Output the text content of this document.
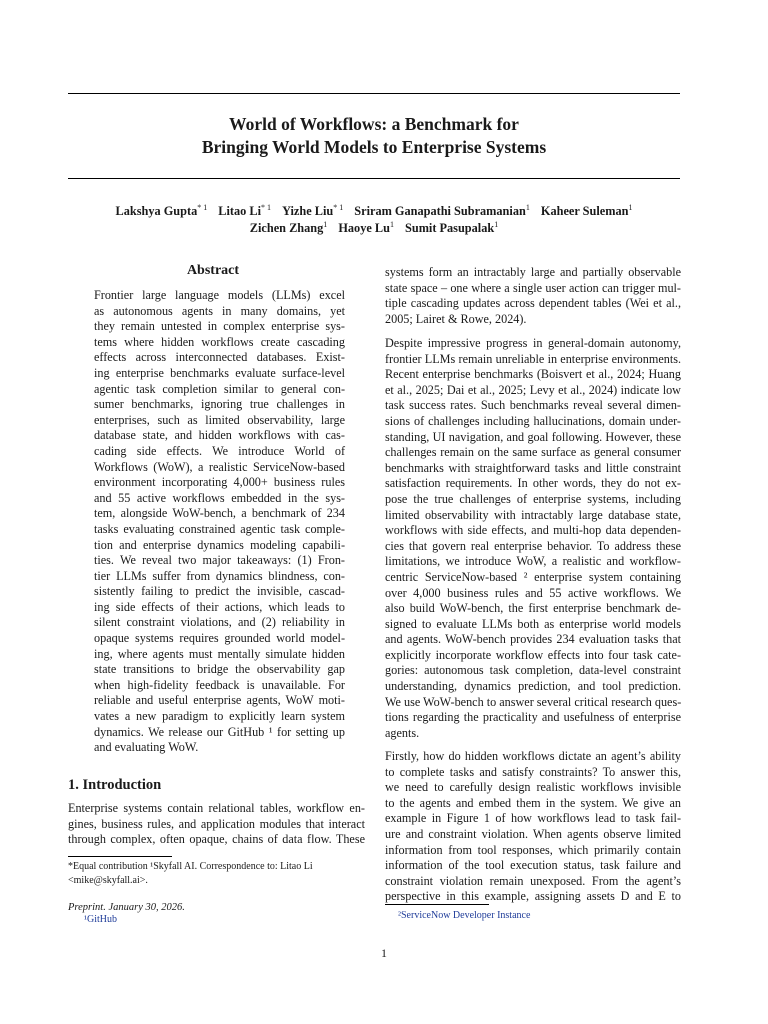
World of Workflows: a Benchmark for
Bringing World Models to Enterprise Systems
Lakshya Gupta$^{* 1}$ Litao Li$^{* 1}$ Yizhe Liu$^{* 1}$ Sriram Ganapathi Subramanian$^1$ Kaheer Suleman$^1$
Zichen Zhang$^1$ Haoye Lu$^1$ Sumit Pasupalak$^1$
Abstract
Frontier large language models (LLMs) excel
as autonomous agents in many domains, yet
they remain untested in complex enterprise sys-
tems where hidden workflows create cascading
effects across interconnected databases. Exist-
ing enterprise benchmarks evaluate surface-level
agentic task completion similar to general con-
sumer benchmarks, ignoring true challenges in
enterprises, such as limited observability, large
database state, and hidden workflows with cas-
cading side effects. We introduce World of
Workflows (WoW), a realistic ServiceNow-based
environment incorporating 4,000+ business rules
and 55 active workflows embedded in the sys-
tem, alongside WoW-bench, a benchmark of 234
tasks evaluating constrained agentic task comple-
tion and enterprise dynamics modeling capabili-
ties. We reveal two major takeaways: (1) Fron-
tier LLMs suffer from dynamics blindness, con-
sistently failing to predict the invisible, cascad-
ing side effects of their actions, which leads to
silent constraint violations, and (2) reliability in
opaque systems requires grounded world model-
ing, where agents must mentally simulate hidden
state transitions to bridge the observability gap
when high-fidelity feedback is unavailable. For
reliable and useful enterprise agents, WoW moti-
vates a new paradigm to explicitly learn system
dynamics. We release our GitHub ¹ for setting up
and evaluating WoW.
1. Introduction
Enterprise systems contain relational tables, workflow en-
gines, business rules, and application modules that interact
through complex, often opaque, chains of data flow. These
*Equal contribution ¹Skyfall AI. Correspondence to: Litao Li
<mike@skyfall.ai>.
Preprint. January 30, 2026.
¹GitHub
systems form an intractably large and partially observable
state space – one where a single user action can trigger mul-
tiple cascading updates across dependent tables (Wei et al.,
2005; Lairet & Rowe, 2024).
Despite impressive progress in general-domain autonomy,
frontier LLMs remain unreliable in enterprise environments.
Recent enterprise benchmarks (Boisvert et al., 2024; Huang
et al., 2025; Dai et al., 2025; Levy et al., 2024) indicate low
task success rates. Such benchmarks reveal several dimen-
sions of challenges including hallucinations, domain under-
standing, UI navigation, and goal following. However, these
challenges remain on the same surface as general consumer
benchmarks with straightforward tasks and little constraint
satisfaction requirements. In other words, they do not ex-
pose the true challenges of enterprise systems, including
limited observability with intractably large database state,
workflows with side effects, and multi-hop data dependen-
cies that govern real enterprise behavior. To address these
limitations, we introduce WoW, a realistic and workflow-
centric ServiceNow-based ² enterprise system containing
over 4,000 business rules and 55 active workflows. We
also build WoW-bench, the first enterprise benchmark de-
signed to evaluate LLMs both as enterprise world models
and agents. WoW-bench provides 234 evaluation tasks that
explicitly incorporate workflow effects into four task cate-
gories: autonomous task completion, data-level constraint
understanding, dynamics prediction, and tool prediction.
We use WoW-bench to answer several critical research ques-
tions regarding the practicality and usefulness of enterprise
agents.
Firstly, how do hidden workflows dictate an agent’s ability
to complete tasks and satisfy constraints? To answer this,
we need to carefully design realistic workflows invisible
to the agents and embed them in the system. We give an
example in Figure 1 of how workflows lead to task fail-
ure and constraint violation. When agents observe limited
information from tool responses, which primarily contain
information of the tool execution status, task failure and
constraint violation remain unexposed. From the agent’s
perspective in this example, assigning assets D and E to
²ServiceNow Developer Instance
1
